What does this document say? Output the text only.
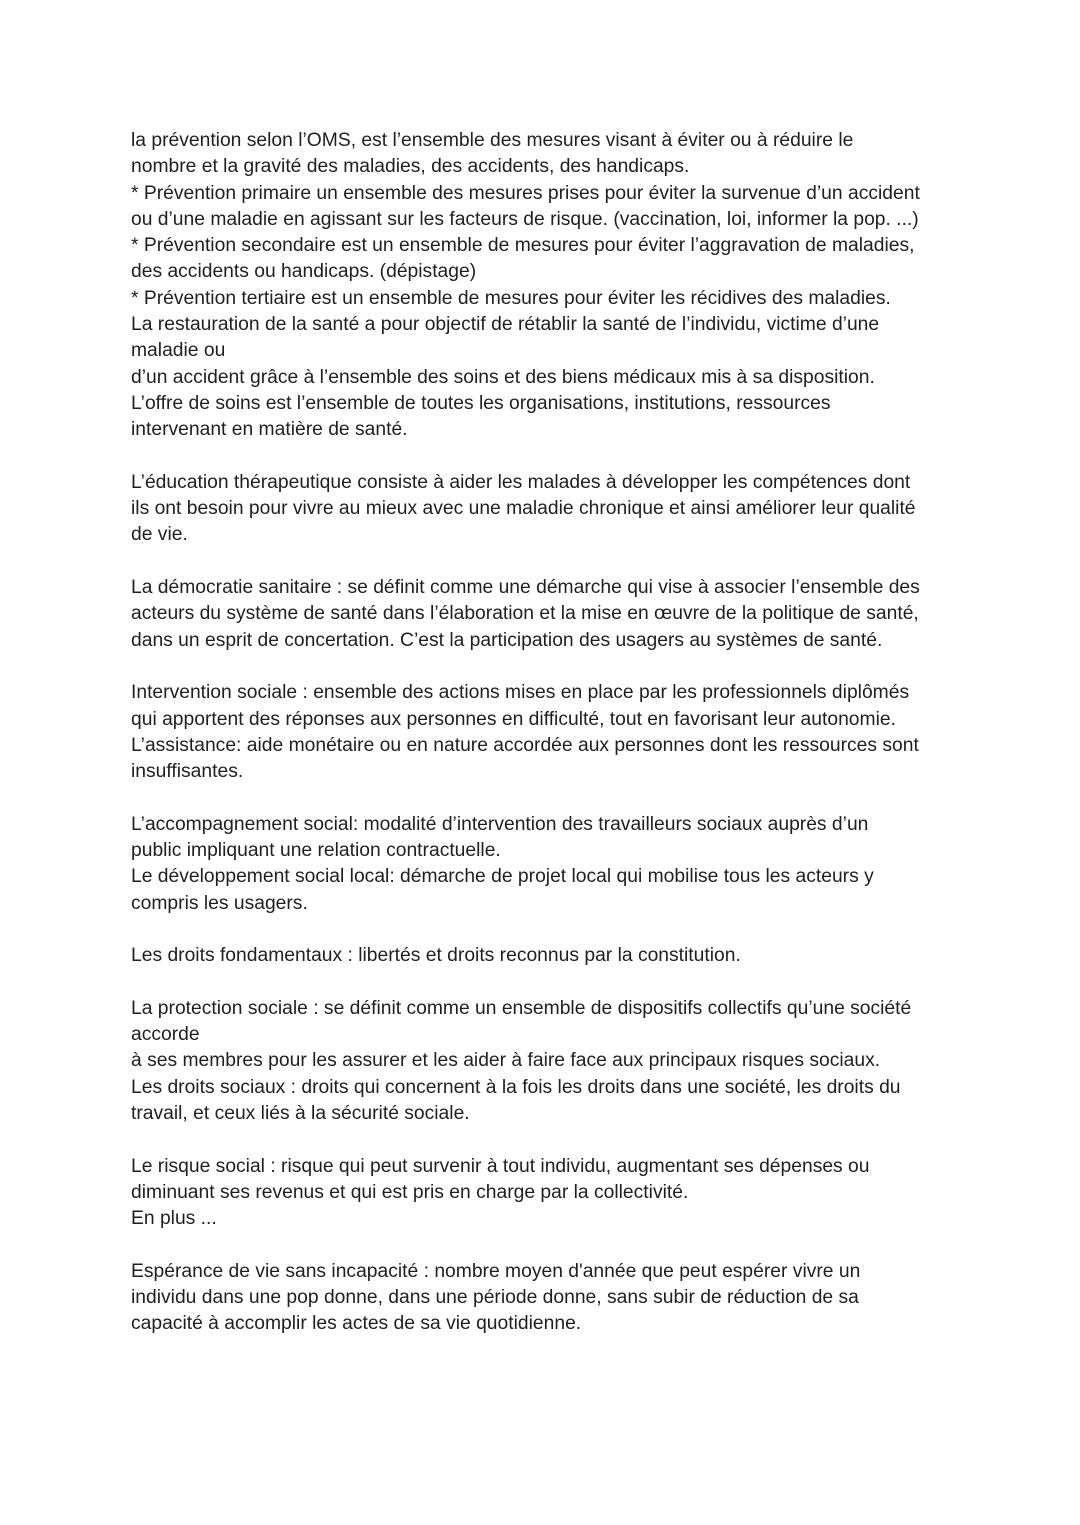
la prévention selon l’OMS, est l’ensemble des mesures visant à éviter ou à réduire le
nombre et la gravité des maladies, des accidents, des handicaps.
* Prévention primaire un ensemble des mesures prises pour éviter la survenue d’un accident
ou d’une maladie en agissant sur les facteurs de risque. (vaccination, loi, informer la pop. ...)
* Prévention secondaire est un ensemble de mesures pour éviter l’aggravation de maladies,
des accidents ou handicaps. (dépistage)
* Prévention tertiaire est un ensemble de mesures pour éviter les récidives des maladies.
La restauration de la santé a pour objectif de rétablir la santé de l’individu, victime d’une
maladie ou
d’un accident grâce à l’ensemble des soins et des biens médicaux mis à sa disposition.
L’offre de soins est l’ensemble de toutes les organisations, institutions, ressources
intervenant en matière de santé.
L’éducation thérapeutique consiste à aider les malades à développer les compétences dont
ils ont besoin pour vivre au mieux avec une maladie chronique et ainsi améliorer leur qualité
de vie.
La démocratie sanitaire : se définit comme une démarche qui vise à associer l’ensemble des
acteurs du système de santé dans l’élaboration et la mise en œuvre de la politique de santé,
dans un esprit de concertation. C’est la participation des usagers au systèmes de santé.
Intervention sociale : ensemble des actions mises en place par les professionnels diplômés
qui apportent des réponses aux personnes en difficulté, tout en favorisant leur autonomie.
L’assistance: aide monétaire ou en nature accordée aux personnes dont les ressources sont
insuffisantes.
L’accompagnement social: modalité d’intervention des travailleurs sociaux auprès d’un
public impliquant une relation contractuelle.
Le développement social local: démarche de projet local qui mobilise tous les acteurs y
compris les usagers.
Les droits fondamentaux : libertés et droits reconnus par la constitution.
La protection sociale : se définit comme un ensemble de dispositifs collectifs qu’une société
accorde
à ses membres pour les assurer et les aider à faire face aux principaux risques sociaux.
Les droits sociaux : droits qui concernent à la fois les droits dans une société, les droits du
travail, et ceux liés à la sécurité sociale.
Le risque social : risque qui peut survenir à tout individu, augmentant ses dépenses ou
diminuant ses revenus et qui est pris en charge par la collectivité.
En plus ...
Espérance de vie sans incapacité : nombre moyen d'année que peut espérer vivre un
individu dans une pop donne, dans une période donne, sans subir de réduction de sa
capacité à accomplir les actes de sa vie quotidienne.
